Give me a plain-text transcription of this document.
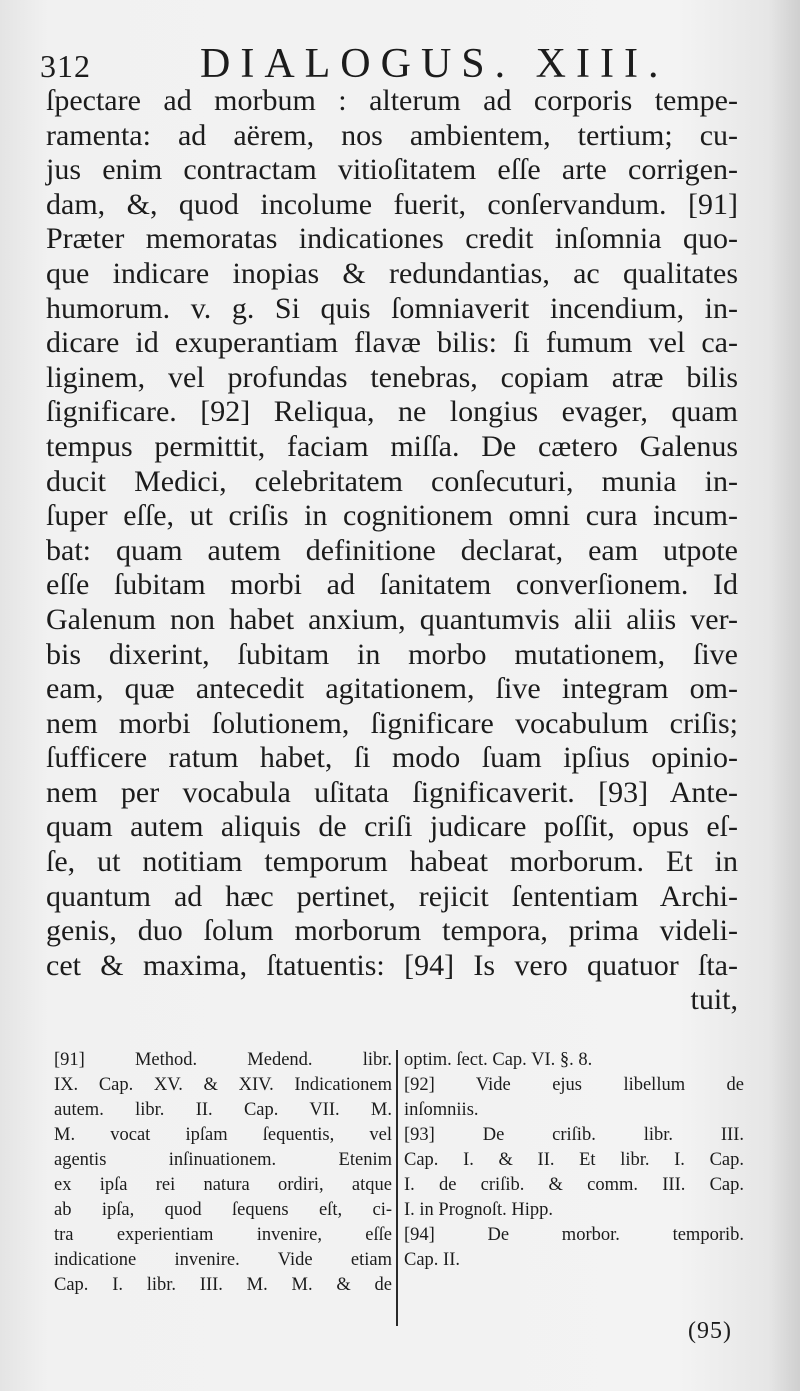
312	DIALOGUS. XIII.
ſpectare ad morbum : alterum ad corporis tempe-
ramenta: ad aërem, nos ambientem, tertium; cu-
jus enim contractam vitioſitatem eſſe arte corrigen-
dam, &, quod incolume fuerit, conſervandum. [91]
Præter memoratas indicationes credit inſomnia quo-
que indicare inopias & redundantias, ac qualitates
humorum. v. g. Si quis ſomniaverit incendium, in-
dicare id exuperantiam flavæ bilis: ſi fumum vel ca-
liginem, vel profundas tenebras, copiam atræ bilis
ſignificare. [92] Reliqua, ne longius evager, quam
tempus permittit, faciam miſſa. De cætero Galenus
ducit Medici, celebritatem conſecuturi, munia in-
ſuper eſſe, ut criſis in cognitionem omni cura incum-
bat: quam autem definitione declarat, eam utpote
eſſe ſubitam morbi ad ſanitatem converſionem. Id
Galenum non habet anxium, quantumvis alii aliis ver-
bis dixerint, ſubitam in morbo mutationem, ſive
eam, quæ antecedit agitationem, ſive integram om-
nem morbi ſolutionem, ſignificare vocabulum criſis;
ſufficere ratum habet, ſi modo ſuam ipſius opinio-
nem per vocabula uſitata ſignificaverit. [93] Ante-
quam autem aliquis de criſi judicare poſſit, opus eſ-
ſe, ut notitiam temporum habeat morborum. Et in
quantum ad hæc pertinet, rejicit ſententiam Archi-
genis, duo ſolum morborum tempora, prima videli-
cet & maxima, ſtatuentis: [94] Is vero quatuor ſta-
tuit,
[91] Method. Medend. libr.
IX. Cap. XV. & XIV. Indicationem
autem. libr. II. Cap. VII. M.
M. vocat ipſam ſequentis, vel
agentis inſinuationem. Etenim
ex ipſa rei natura ordiri, atque
ab ipſa, quod ſequens eſt, ci-
tra experientiam invenire, eſſe
indicatione invenire. Vide etiam
Cap. I. libr. III. M. M. & de
optim. ſect. Cap. VI. §. 8.
[92] Vide ejus libellum de
inſomniis.
[93] De criſib. libr. III.
Cap. I. & II. Et libr. I. Cap.
I. de criſib. & comm. III. Cap.
I. in Prognoſt. Hipp.
[94] De morbor. temporib.
Cap. II.
(95)
